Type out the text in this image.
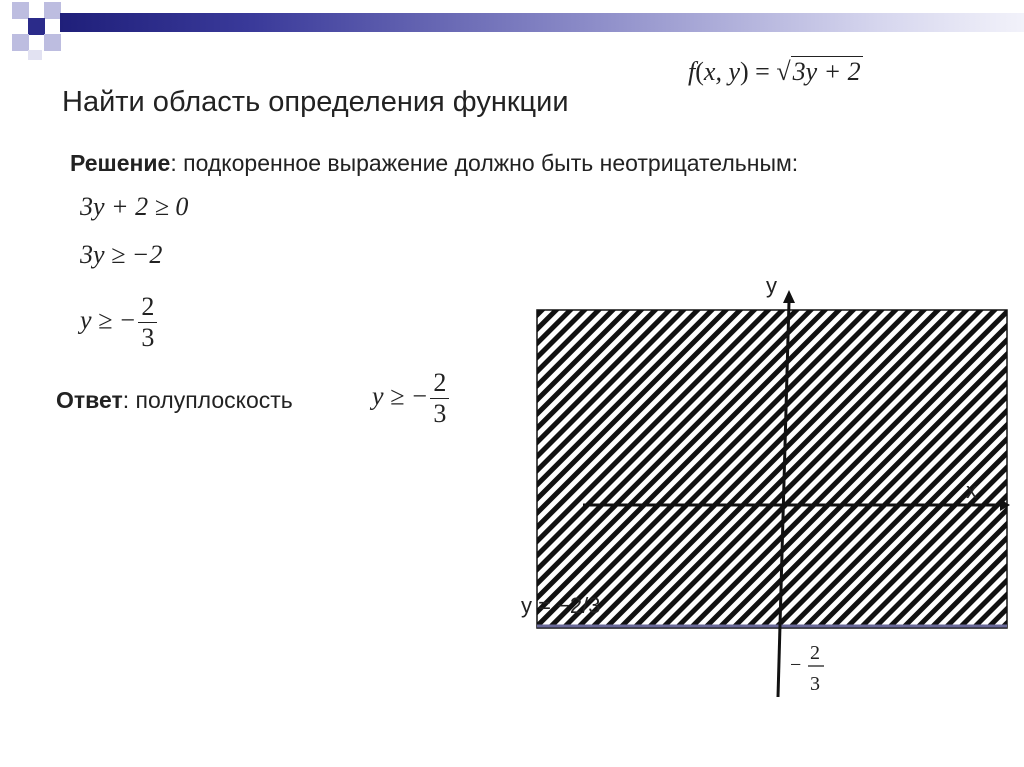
Найти область определения функции
f(x, y) = √3y + 2
Решение: подкоренное выражение должно быть неотрицательным:
3y + 2 ≥ 0
3y ≥ −2
y ≥ − $\frac{2}{3}$
Ответ: полуплоскость	y ≥ − $\frac{2}{3}$
y
x
y = −2/3
−
2
3
